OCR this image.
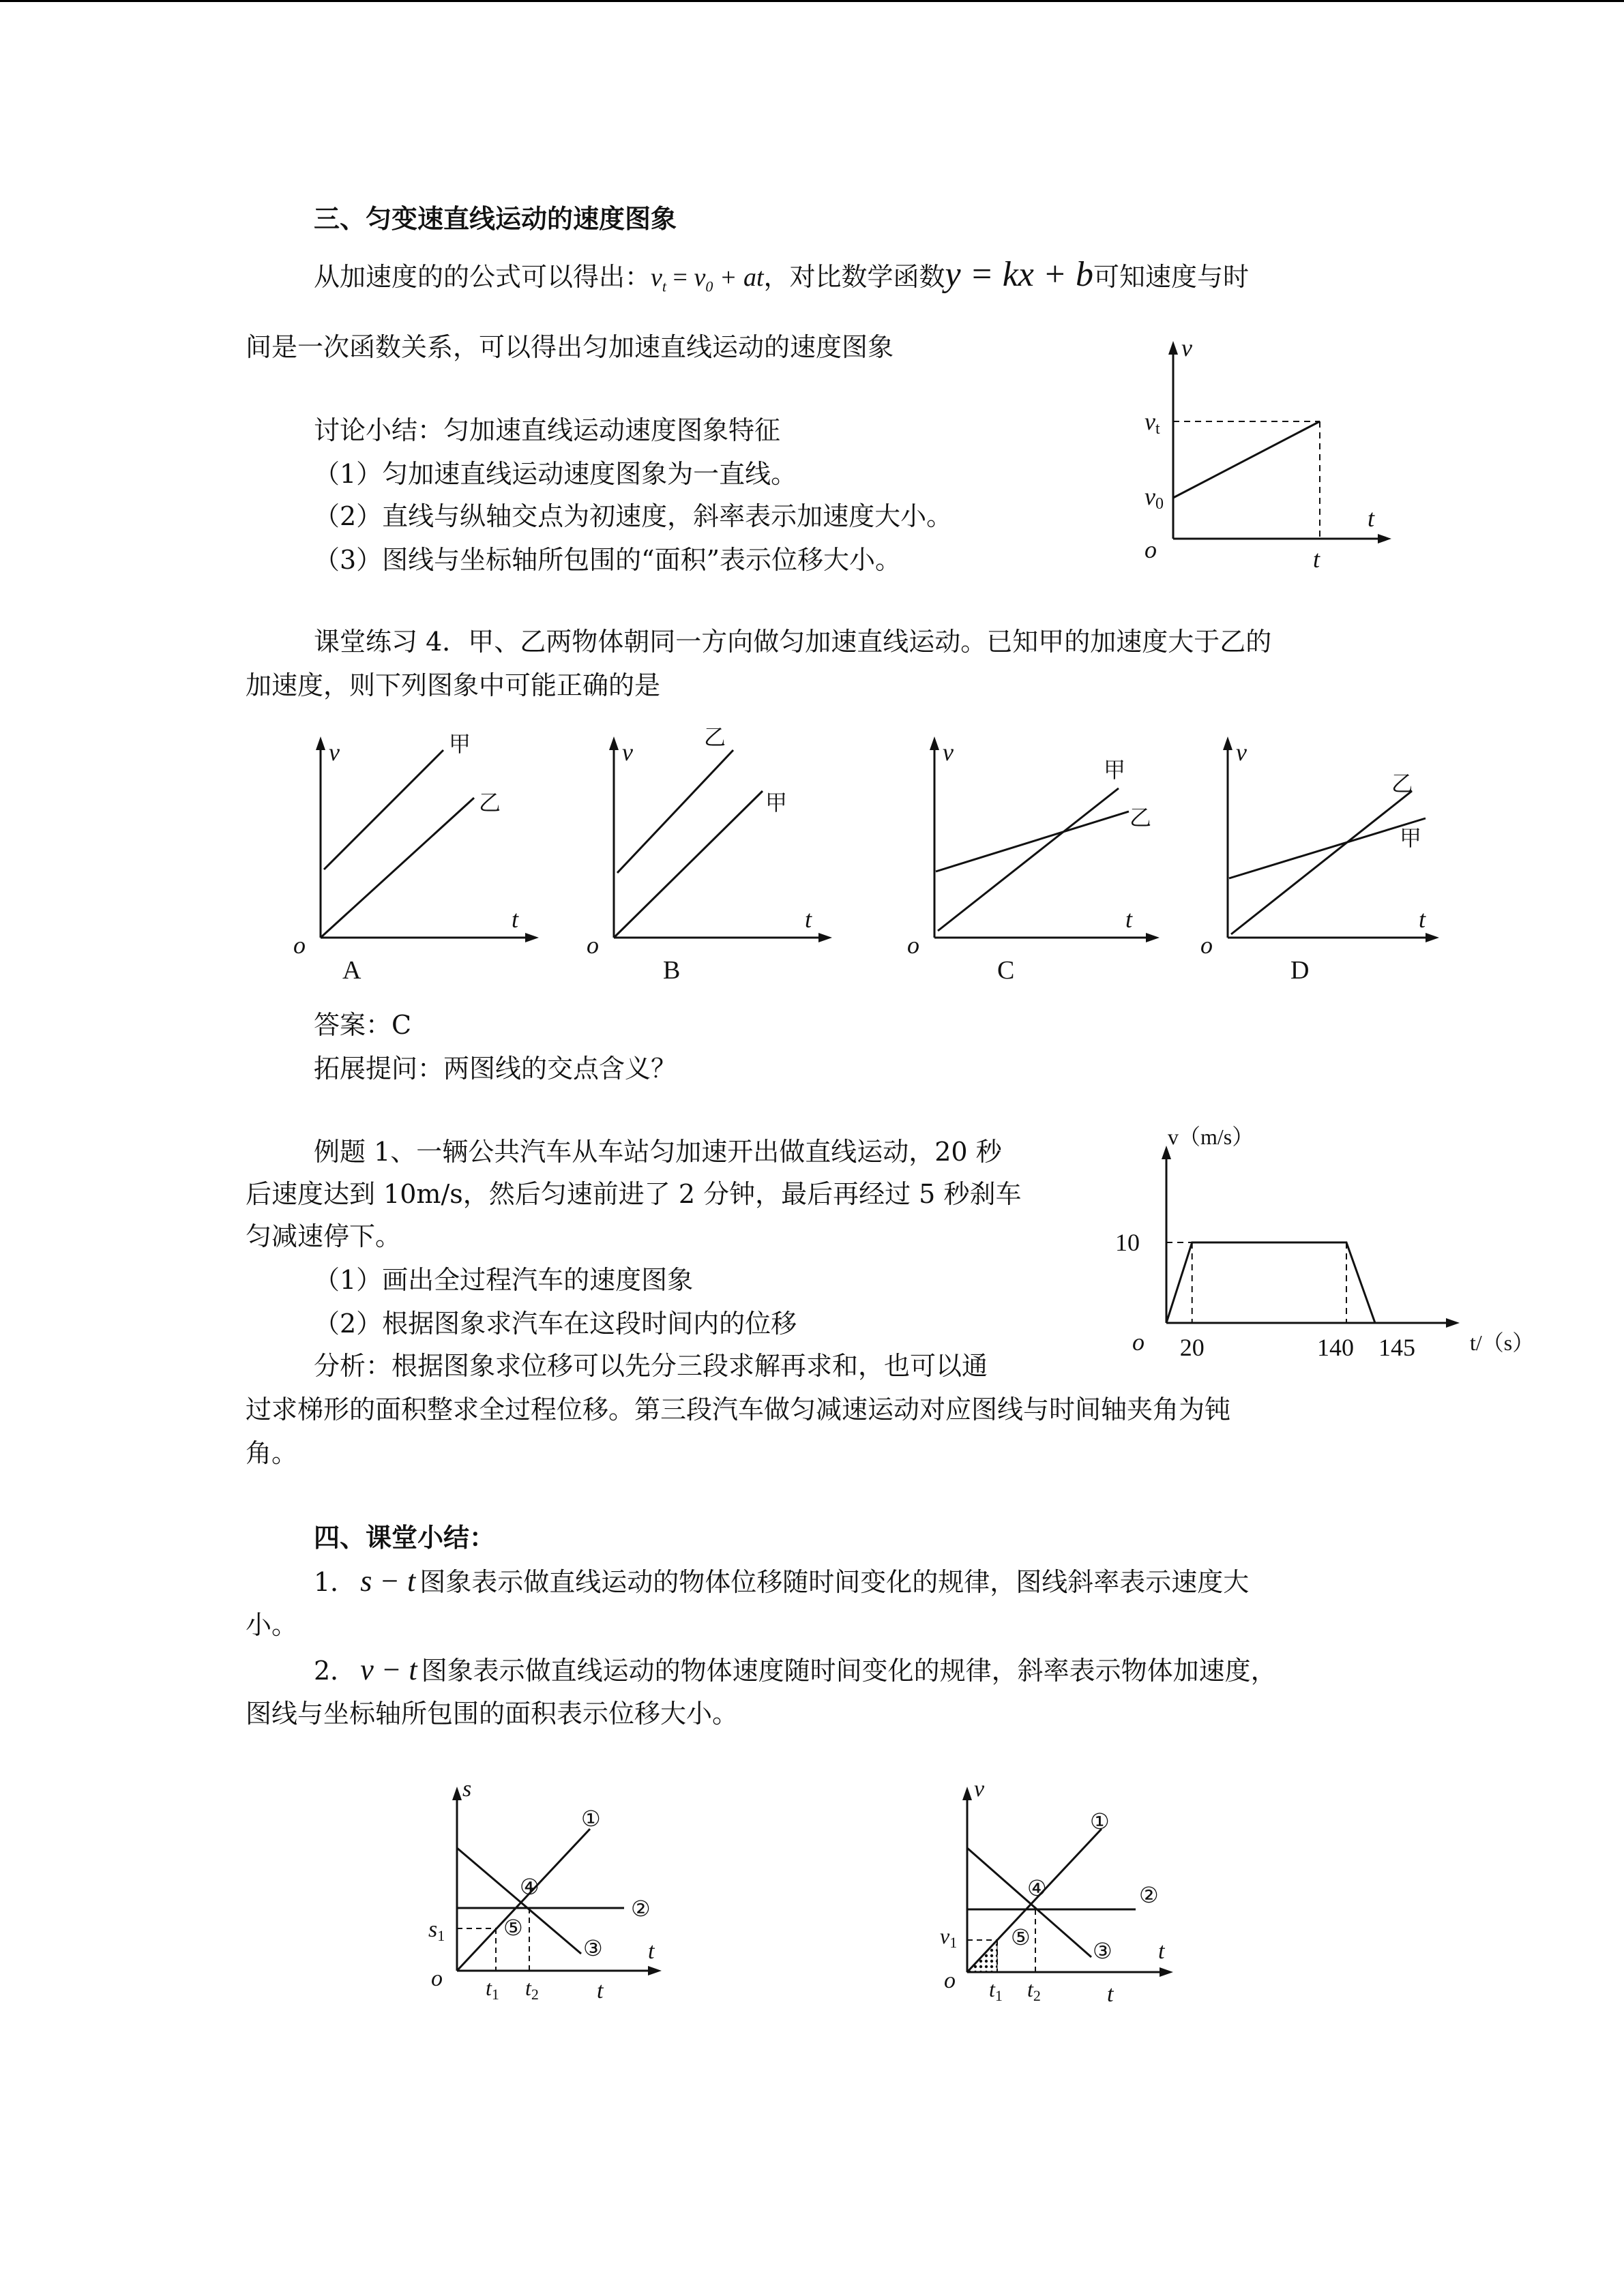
三、匀变速直线运动的速度图象
从加速度的的公式可以得出：$v_t = v_0$ + at，对比数学函数y = kx + b可知速度与时
间是一次函数关系，可以得出匀加速直线运动的速度图象
讨论小结：匀加速直线运动速度图象特征
（1）匀加速直线运动速度图象为一直线。
（2）直线与纵轴交点为初速度，斜率表示加速度大小。
（3）图线与坐标轴所包围的“面积”表示位移大小。
v
t
o
vt
v0
t
课堂练习 4．甲、乙两物体朝同一方向做匀加速直线运动。已知甲的加速度大于乙的
加速度，则下列图象中可能正确的是
甲
乙
v
t
o
A
乙
甲
v
t
o
B
甲
乙
v
t
o
C
乙
甲
v
t
o
D
答案：C
拓展提问：两图线的交点含义？
例题 1、一辆公共汽车从车站匀加速开出做直线运动，20 秒
后速度达到 10m/s，然后匀速前进了 2 分钟，最后再经过 5 秒刹车
匀减速停下。
（1）画出全过程汽车的速度图象
（2）根据图象求汽车在这段时间内的位移
分析：根据图象求位移可以先分三段求解再求和，也可以通
过求梯形的面积整求全过程位移。第三段汽车做匀减速运动对应图线与时间轴夹角为钝
角。
v（m/s）
t/（s）
o
10
20	140 145
四、课堂小结：
1． s − t 图象表示做直线运动的物体位移随时间变化的规律，图线斜率表示速度大
小。
2． v − t 图象表示做直线运动的物体速度随时间变化的规律，斜率表示物体加速度，
图线与坐标轴所包围的面积表示位移大小。
s
t
o	t
s1
t1 t2
①
②
③
④
⑤
v
t
o
t
v1
t1 t2
①
②
③
④
⑤
